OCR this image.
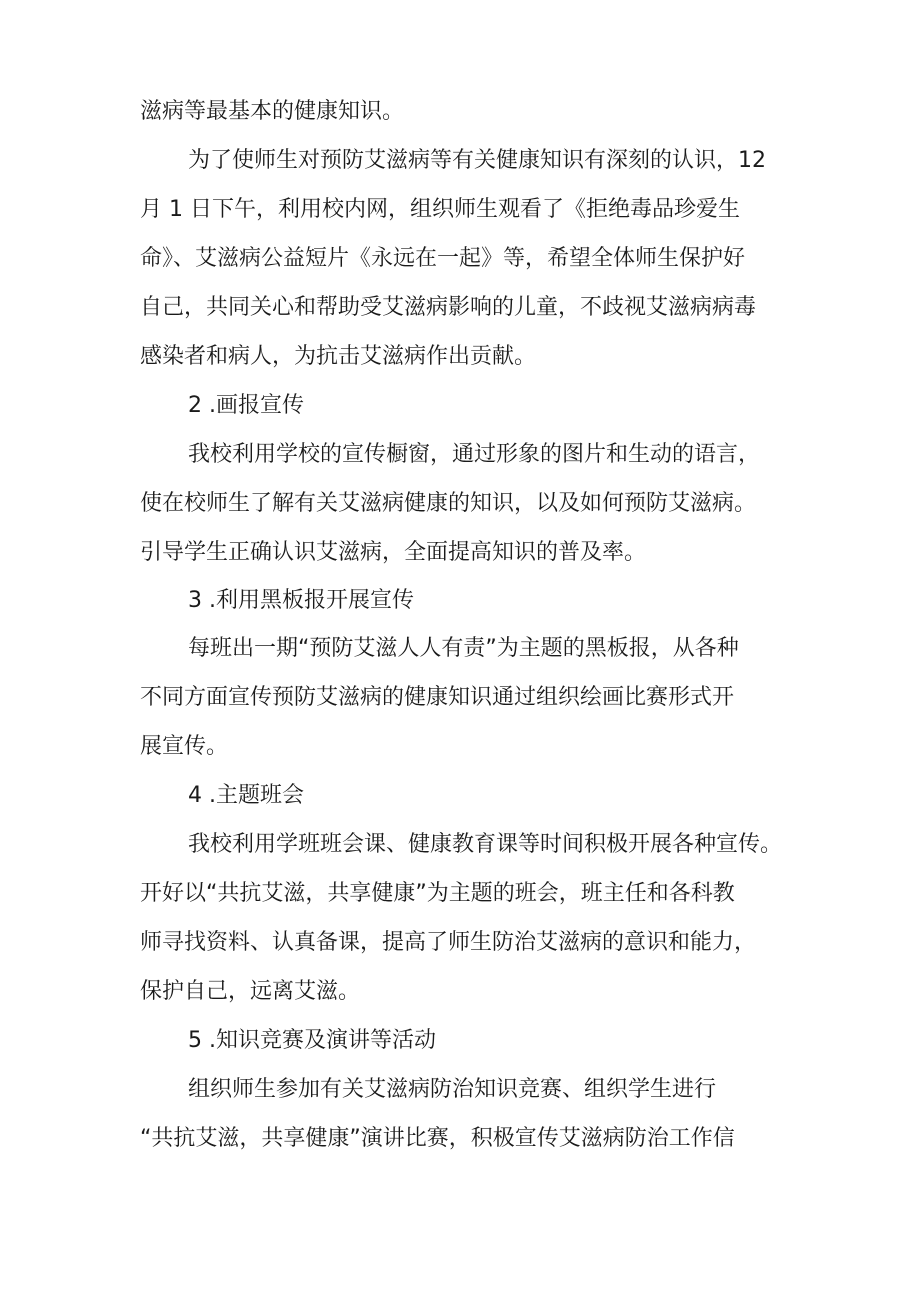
滋病等最基本的健康知识。
为了使师生对预防艾滋病等有关健康知识有深刻的认识，12
月 1 日下午，利用校内网，组织师生观看了《拒绝毒品珍爱生
命》、艾滋病公益短片《永远在一起》等，希望全体师生保护好
自己，共同关心和帮助受艾滋病影响的儿童，不歧视艾滋病病毒
感染者和病人，为抗击艾滋病作出贡献。
2 .画报宣传
我校利用学校的宣传橱窗，通过形象的图片和生动的语言，
使在校师生了解有关艾滋病健康的知识，以及如何预防艾滋病。
引导学生正确认识艾滋病，全面提高知识的普及率。
3 .利用黑板报开展宣传
每班出一期“预防艾滋人人有责”为主题的黑板报，从各种
不同方面宣传预防艾滋病的健康知识通过组织绘画比赛形式开
展宣传。
4 .主题班会
我校利用学班班会课、健康教育课等时间积极开展各种宣传。
开好以“共抗艾滋，共享健康”为主题的班会，班主任和各科教
师寻找资料、认真备课，提高了师生防治艾滋病的意识和能力，
保护自己，远离艾滋。
5 .知识竞赛及演讲等活动
组织师生参加有关艾滋病防治知识竞赛、组织学生进行
“共抗艾滋，共享健康”演讲比赛，积极宣传艾滋病防治工作信
